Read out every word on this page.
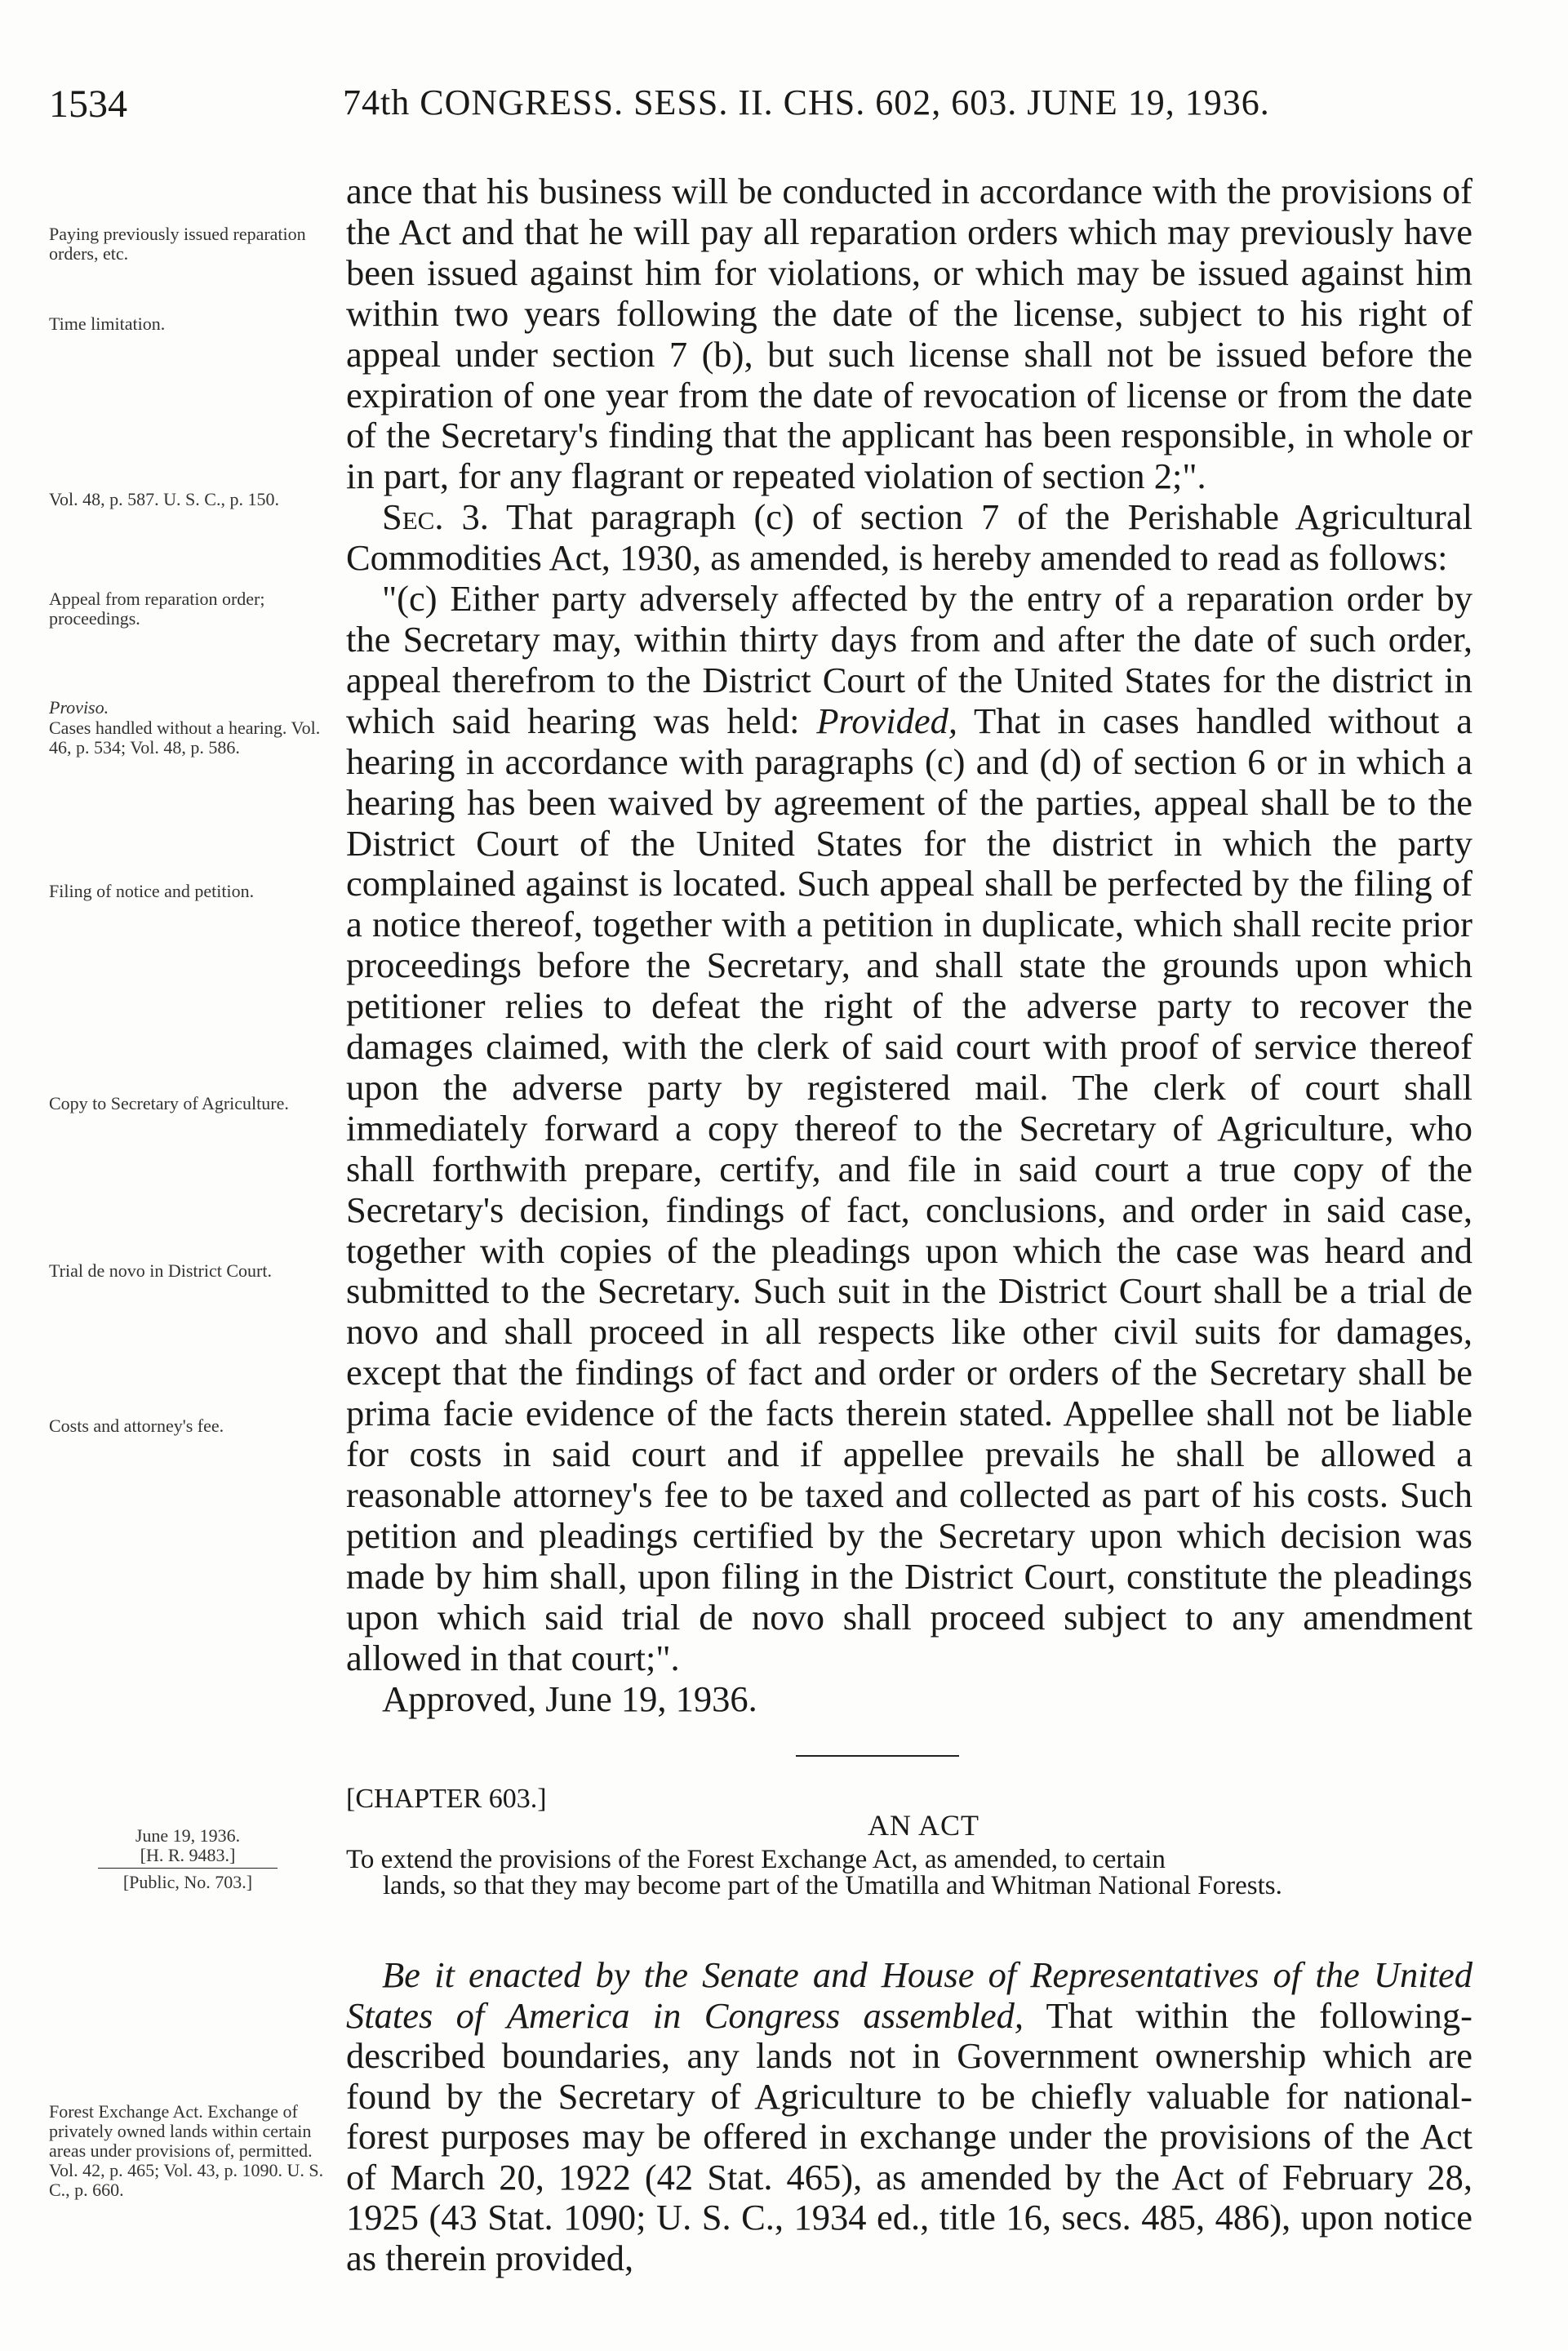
1534	74th CONGRESS. SESS. II. CHS. 602, 603. JUNE 19, 1936.
Paying previously issued reparation orders, etc.
Time limitation.
Vol. 48, p. 587. U. S. C., p. 150.
Appeal from reparation order; proceedings.
Proviso.
Cases handled without a hearing. Vol. 46, p. 534; Vol. 48, p. 586.
Filing of notice and petition.
Copy to Secretary of Agriculture.
Trial de novo in District Court.
Costs and attorney's fee.

ance that his business will be conducted in accordance with the provisions of the Act and that he will pay all reparation orders which may previously have been issued against him for violations, or which may be issued against him within two years following the date of the license, subject to his right of appeal under section 7 (b), but such license shall not be issued before the expiration of one year from the date of revocation of license or from the date of the Secretary's finding that the applicant has been responsible, in whole or in part, for any flagrant or repeated violation of section 2;".

Sec. 3. That paragraph (c) of section 7 of the Perishable Agricultural Commodities Act, 1930, as amended, is hereby amended to read as follows:

"(c) Either party adversely affected by the entry of a reparation order by the Secretary may, within thirty days from and after the date of such order, appeal therefrom to the District Court of the United States for the district in which said hearing was held: Provided, That in cases handled without a hearing in accordance with paragraphs (c) and (d) of section 6 or in which a hearing has been waived by agreement of the parties, appeal shall be to the District Court of the United States for the district in which the party complained against is located. Such appeal shall be perfected by the filing of a notice thereof, together with a petition in duplicate, which shall recite prior proceedings before the Secretary, and shall state the grounds upon which petitioner relies to defeat the right of the adverse party to recover the damages claimed, with the clerk of said court with proof of service thereof upon the adverse party by registered mail. The clerk of court shall immediately forward a copy thereof to the Secretary of Agriculture, who shall forthwith prepare, certify, and file in said court a true copy of the Secretary's decision, findings of fact, conclusions, and order in said case, together with copies of the pleadings upon which the case was heard and submitted to the Secretary. Such suit in the District Court shall be a trial de novo and shall proceed in all respects like other civil suits for damages, except that the findings of fact and order or orders of the Secretary shall be prima facie evidence of the facts therein stated. Appellee shall not be liable for costs in said court and if appellee prevails he shall be allowed a reasonable attorney's fee to be taxed and collected as part of his costs. Such petition and pleadings certified by the Secretary upon which decision was made by him shall, upon filing in the District Court, constitute the pleadings upon which said trial de novo shall proceed subject to any amendment allowed in that court;".

Approved, June 19, 1936.
[CHAPTER 603.]
AN ACT
June 19, 1936.
[H. R. 9483.]
[Public, No. 703.]
To extend the provisions of the Forest Exchange Act, as amended, to certain
lands, so that they may become part of the Umatilla and Whitman National Forests.
Forest Exchange Act. Exchange of privately owned lands within certain areas under provisions of, permitted. Vol. 42, p. 465; Vol. 43, p. 1090. U. S. C., p. 660.
Be it enacted by the Senate and House of Representatives of the United States of America in Congress assembled, That within the following-described boundaries, any lands not in Government ownership which are found by the Secretary of Agriculture to be chiefly valuable for national-forest purposes may be offered in exchange under the provisions of the Act of March 20, 1922 (42 Stat. 465), as amended by the Act of February 28, 1925 (43 Stat. 1090; U. S. C., 1934 ed., title 16, secs. 485, 486), upon notice as therein provided,
